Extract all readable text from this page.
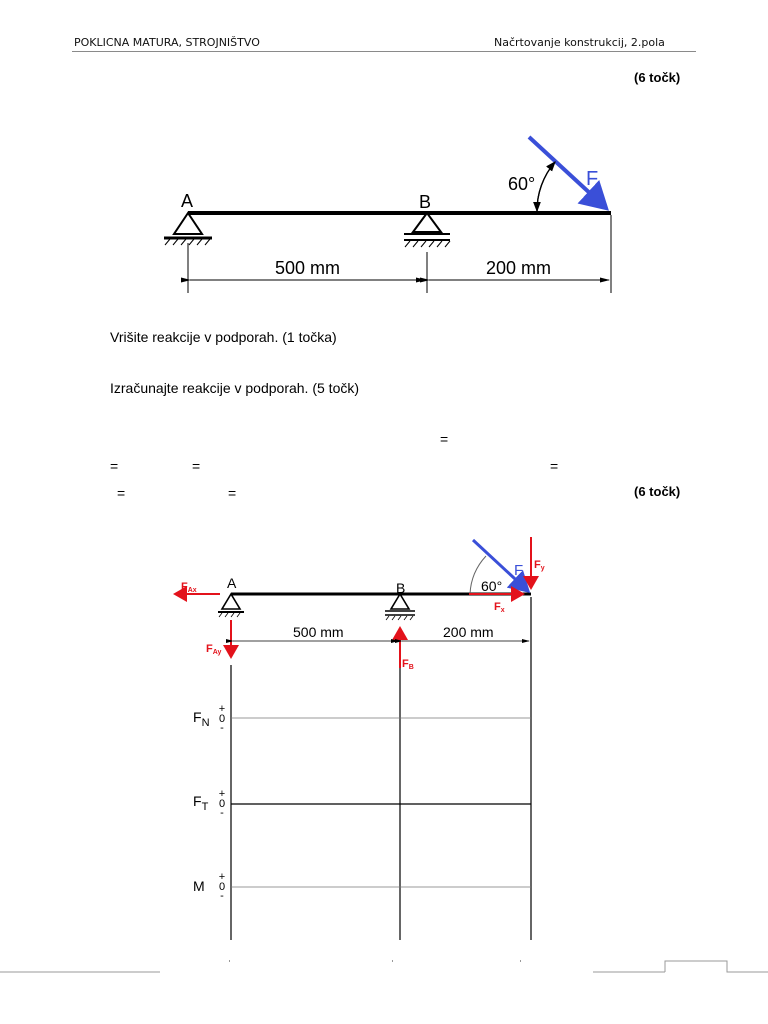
POKLICNA MATURA, STROJNIŠTVO	Načrtovanje konstrukcij, 2.pola
(6 točk)
A	B
60°	F
500 mm	200 mm
Vrišite reakcije v podporah. (1 točka)
Izračunajte reakcije v podporah. (5 točk)
=
=	=	=
=	=	(6 točk)
A	B	60°
F Fy
Fx
FAx
FAy
FB
500 mm	200 mm
$F_N$
$F_T$
M
+
0
-
+
0
-
+
0
-
